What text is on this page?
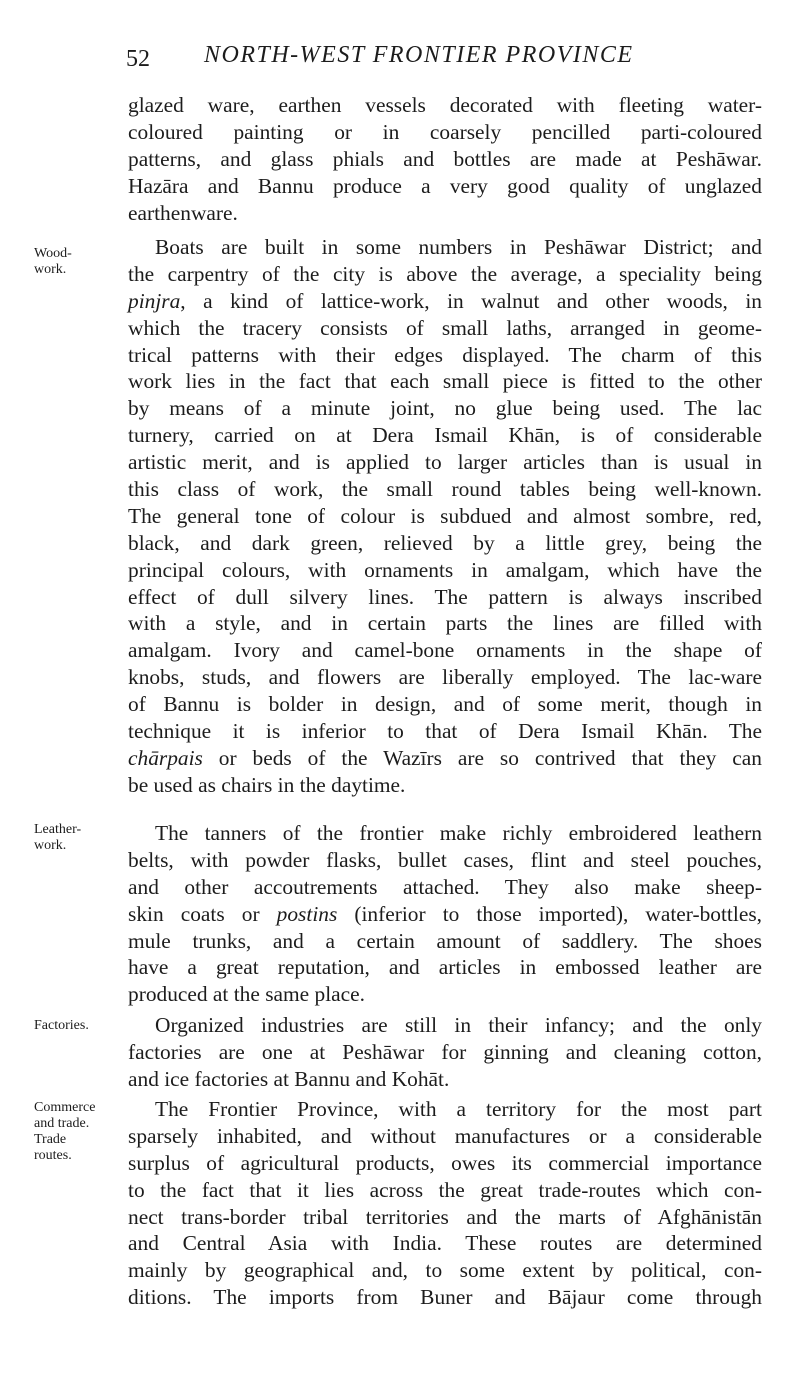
52 NORTH-WEST FRONTIER PROVINCE
glazed ware, earthen vessels decorated with fleeting water-
coloured painting or in coarsely pencilled parti-coloured
patterns, and glass phials and bottles are made at Peshāwar.
Hazāra and Bannu produce a very good quality of unglazed
earthenware.
Wood-
work.
Boats are built in some numbers in Peshāwar District; and
the carpentry of the city is above the average, a speciality being
pinjra, a kind of lattice-work, in walnut and other woods, in
which the tracery consists of small laths, arranged in geome-
trical patterns with their edges displayed. The charm of this
work lies in the fact that each small piece is fitted to the other
by means of a minute joint, no glue being used. The lac
turnery, carried on at Dera Ismail Khān, is of considerable
artistic merit, and is applied to larger articles than is usual in
this class of work, the small round tables being well-known.
The general tone of colour is subdued and almost sombre, red,
black, and dark green, relieved by a little grey, being the
principal colours, with ornaments in amalgam, which have the
effect of dull silvery lines. The pattern is always inscribed
with a style, and in certain parts the lines are filled with
amalgam. Ivory and camel-bone ornaments in the shape of
knobs, studs, and flowers are liberally employed. The lac-ware
of Bannu is bolder in design, and of some merit, though in
technique it is inferior to that of Dera Ismail Khān. The
chārpais or beds of the Wazīrs are so contrived that they can
be used as chairs in the daytime.
Leather-
work.
The tanners of the frontier make richly embroidered leathern
belts, with powder flasks, bullet cases, flint and steel pouches,
and other accoutrements attached. They also make sheep-
skin coats or postins (inferior to those imported), water-bottles,
mule trunks, and a certain amount of saddlery. The shoes
have a great reputation, and articles in embossed leather are
produced at the same place.
Factories.	Organized industries are still in their infancy; and the only
factories are one at Peshāwar for ginning and cleaning cotton,
and ice factories at Bannu and Kohāt.
Commerce
and trade.
Trade
routes.
The Frontier Province, with a territory for the most part
sparsely inhabited, and without manufactures or a considerable
surplus of agricultural products, owes its commercial importance
to the fact that it lies across the great trade-routes which con-
nect trans-border tribal territories and the marts of Afghānistān
and Central Asia with India. These routes are determined
mainly by geographical and, to some extent by political, con-
ditions. The imports from Buner and Bājaur come through
